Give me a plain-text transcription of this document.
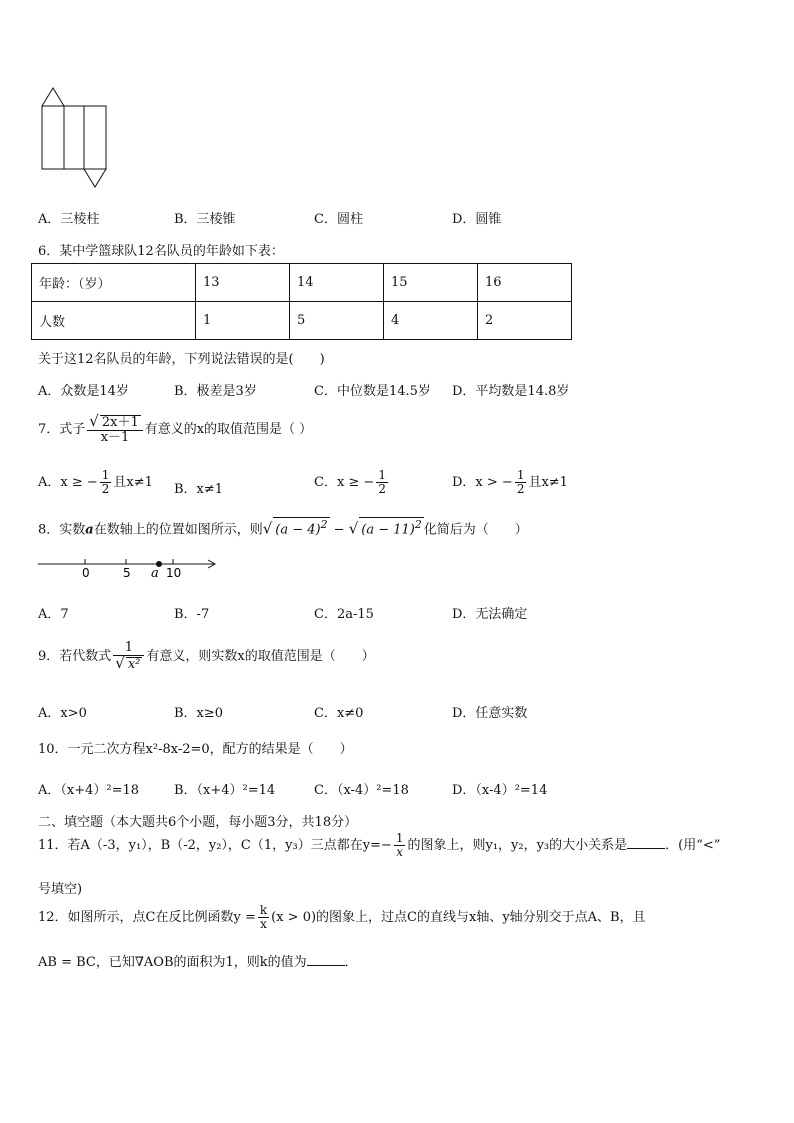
A．三棱柱	B．三棱锥	C．圆柱	D．圆锥
6．某中学篮球队12名队员的年龄如下表：
年龄：（岁）	13	14	15	16
人数	1	5	4	2
关于这12名队员的年龄，下列说法错误的是(　　)
A．众数是14岁	B．极差是3岁	C．中位数是14.5岁 D．平均数是14.8岁
7．式子 $\frac{√ 2x+1}{x-1}$ 有意义的x的取值范围是（ ）
A．x ≥ − $\frac{1}{2}$ 且x≠1 B．x≠1	C．x ≥ − $\frac{1}{2}$	D．x > − $\frac{1}{2}$ 且x≠1
8．实数a在数轴上的位置如图所示，则√ $(a - 4)^2$ − √ $(a - 11)^2$ 化简后为（　　）
0	5 a 10
A．7	B．-7	C．2a-15	D．无法确定
9．若代数式 $\frac{1}{\text{√ x²}}$ 有意义，则实数x的取值范围是（　　）
A．x>0	B．x≥0	C．x≠0	D．任意实数
10．一元二次方程x²-8x-2=0，配方的结果是（　　）
A．（x+4）²=18	B．（x+4）²=14	C．（x-4）²=18	D．（x-4）²=14
二、填空题（本大题共6个小题，每小题3分，共18分）
11．若A（-3，y₁），B（-2，y₂），C（1，y₃）三点都在$y=- \frac{1}{x}$ 的图象上，则y₁，y₂，y₃的大小关系是	．(用“<”
号填空)
12．如图所示，点C在反比例函数$y = \frac{k}{x} (x > 0)$的图象上，过点C的直线与x轴、y轴分别交于点A、B，且
AB = BC，已知∇AOB的面积为1，则k的值为	．
